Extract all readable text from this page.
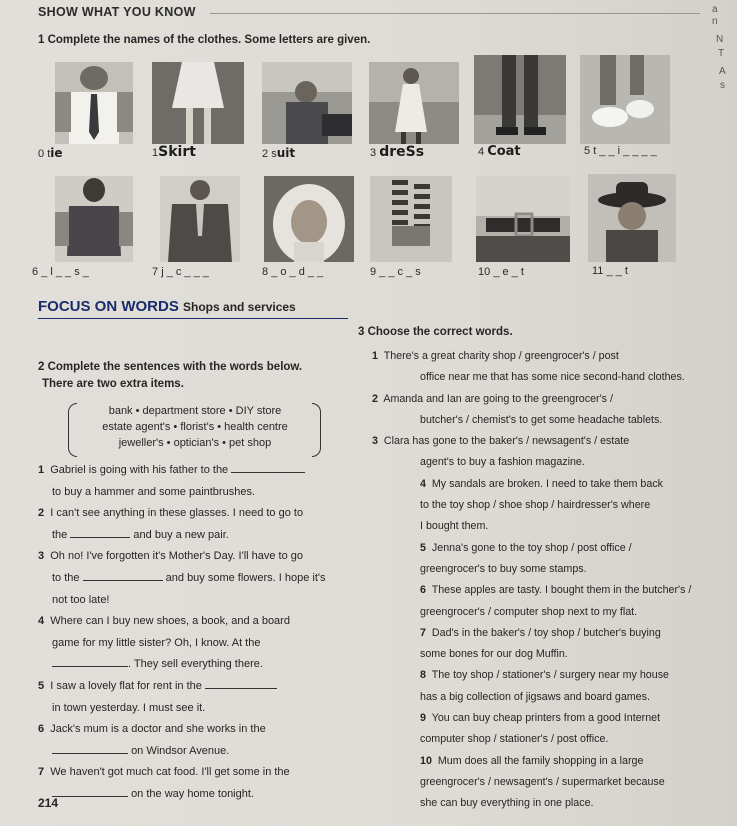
SHOW WHAT YOU KNOW	a
n
N
T
A
s
1 Complete the names of the clothes. Some letters are given.
0 tie	1Skirt	2 suit	3 dreSs	4 Coat	5 t _ _ i _ _ _ _
6 _ l _ _ s _	7 j _ c _ _ _	8 _ o _ d _ _	9 _ _ c _ s	10 _ e _ t	11 _ _ t
FOCUS ON WORDS Shops and services
2 Complete the sentences with the words below.
There are two extra items.
bank • department store • DIY store
estate agent's • florist's • health centre
jeweller's • optician's • pet shop
1 Gabriel is going with his father to the
to buy a hammer and some paintbrushes.
2 I can't see anything in these glasses. I need to go to
the	and buy a new pair.
3 Oh no! I've forgotten it's Mother's Day. I'll have to go
to the	and buy some flowers. I hope it's
not too late!
4 Where can I buy new shoes, a book, and a board
game for my little sister? Oh, I know. At the
. They sell everything there.
5 I saw a lovely flat for rent in the
in town yesterday. I must see it.
6 Jack's mum is a doctor and she works in the
on Windsor Avenue.
7 We haven't got much cat food. I'll get some in the
on the way home tonight.
3 Choose the correct words.
1 There's a great charity shop / greengrocer's / post
office near me that has some nice second-hand clothes.
2 Amanda and Ian are going to the greengrocer's /
butcher's / chemist's to get some headache tablets.
3 Clara has gone to the baker's / newsagent's / estate
agent's to buy a fashion magazine.
4 My sandals are broken. I need to take them back
to the toy shop / shoe shop / hairdresser's where
I bought them.
5 Jenna's gone to the toy shop / post office /
greengrocer's to buy some stamps.
6 These apples are tasty. I bought them in the butcher's /
greengrocer's / computer shop next to my flat.
7 Dad's in the baker's / toy shop / butcher's buying
some bones for our dog Muffin.
8 The toy shop / stationer's / surgery near my house
has a big collection of jigsaws and board games.
9 You can buy cheap printers from a good Internet
computer shop / stationer's / post office.
10 Mum does all the family shopping in a large
greengrocer's / newsagent's / supermarket because
she can buy everything in one place.
214
